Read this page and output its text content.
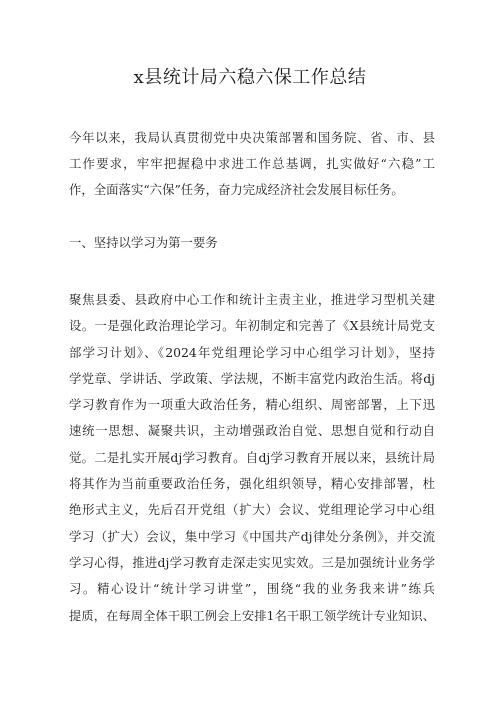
x县统计局六稳六保工作总结
今年以来，我局认真贯彻党中央决策部署和国务院、省、市、县
工作要求，牢牢把握稳中求进工作总基调，扎实做好“六稳”工
作，全面落实“六保”任务，奋力完成经济社会发展目标任务。
一、坚持以学习为第一要务
聚焦县委、县政府中心工作和统计主责主业，推进学习型机关建
设。一是强化政治理论学习。年初制定和完善了《X县统计局党支
部学习计划》、《2024年党组理论学习中心组学习计划》，坚持
学党章、学讲话、学政策、学法规，不断丰富党内政治生活。将dj
学习教育作为一项重大政治任务，精心组织、周密部署，上下迅
速统一思想、凝聚共识，主动增强政治自觉、思想自觉和行动自
觉。二是扎实开展dj学习教育。自dj学习教育开展以来，县统计局
将其作为当前重要政治任务，强化组织领导，精心安排部署，杜
绝形式主义，先后召开党组（扩大）会议、党组理论学习中心组
学习（扩大）会议，集中学习《中国共产dj律处分条例》，并交流
学习心得，推进dj学习教育走深走实见实效。三是加强统计业务学
习。精心设计“统计学习讲堂”，围绕“我的业务我来讲”练兵
提质，在每周全体干职工例会上安排1名干职工领学统计专业知识、
